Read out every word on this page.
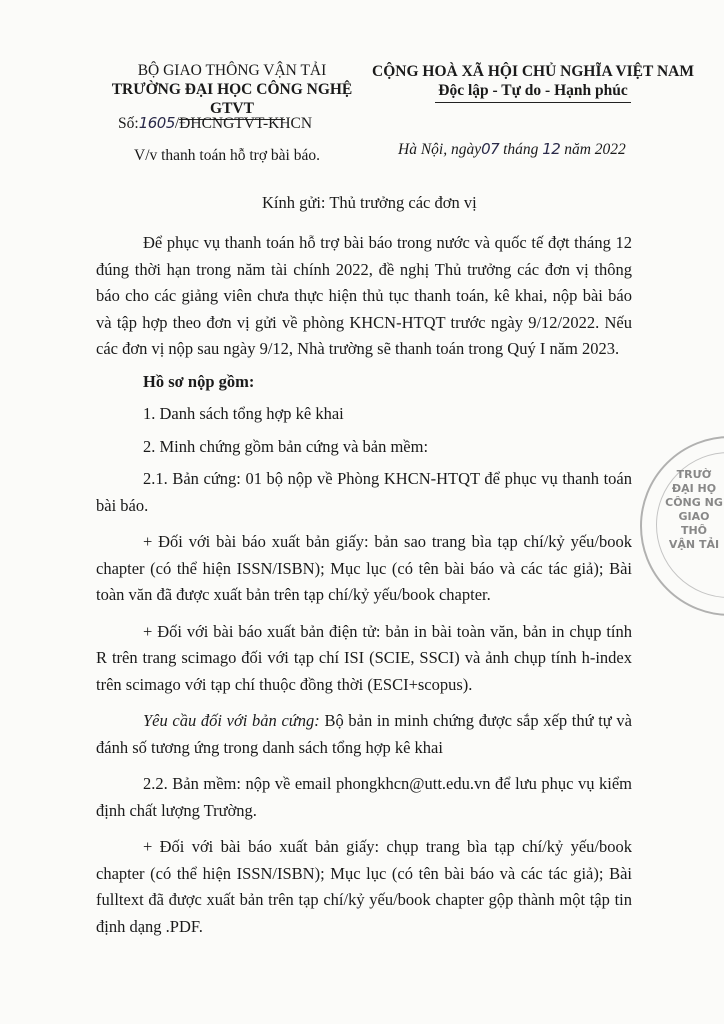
BỘ GIAO THÔNG VẬN TẢI
TRƯỜNG ĐẠI HỌC CÔNG NGHỆ GTVT
CỘNG HOÀ XÃ HỘI CHỦ NGHĨA VIỆT NAM
Độc lập - Tự do - Hạnh phúc
Số:1605/ĐHCNGTVT-KHCN
V/v thanh toán hỗ trợ bài báo.	Hà Nội, ngày07 tháng 12 năm 2022
Kính gửi: Thủ trưởng các đơn vị

Để phục vụ thanh toán hỗ trợ bài báo trong nước và quốc tế đợt tháng 12 đúng thời hạn trong năm tài chính 2022, đề nghị Thủ trưởng các đơn vị thông báo cho các giảng viên chưa thực hiện thủ tục thanh toán, kê khai, nộp bài báo và tập hợp theo đơn vị gửi về phòng KHCN-HTQT trước ngày 9/12/2022. Nếu các đơn vị nộp sau ngày 9/12, Nhà trường sẽ thanh toán trong Quý I năm 2023.

Hồ sơ nộp gồm:

1. Danh sách tổng hợp kê khai

2. Minh chứng gồm bản cứng và bản mềm:

2.1. Bản cứng: 01 bộ nộp về Phòng KHCN-HTQT để phục vụ thanh toán bài báo.

+ Đối với bài báo xuất bản giấy: bản sao trang bìa tạp chí/kỷ yếu/book chapter (có thể hiện ISSN/ISBN); Mục lục (có tên bài báo và các tác giả); Bài toàn văn đã được xuất bản trên tạp chí/kỷ yếu/book chapter.

+ Đối với bài báo xuất bản điện tử: bản in bài toàn văn, bản in chụp tính R trên trang scimago đối với tạp chí ISI (SCIE, SSCI) và ảnh chụp tính h-index trên scimago với tạp chí thuộc đồng thời (ESCI+scopus).

Yêu cầu đối với bản cứng: Bộ bản in minh chứng được sắp xếp thứ tự và đánh số tương ứng trong danh sách tổng hợp kê khai

2.2. Bản mềm: nộp về email phongkhcn@utt.edu.vn để lưu phục vụ kiểm định chất lượng Trường.

+ Đối với bài báo xuất bản giấy: chụp trang bìa tạp chí/kỷ yếu/book chapter (có thể hiện ISSN/ISBN); Mục lục (có tên bài báo và các tác giả); Bài fulltext đã được xuất bản trên tạp chí/kỷ yếu/book chapter gộp thành một tập tin định dạng .PDF.

TRƯỜ
ĐẠI HỌ
CÔNG NG
GIAO THÔ
VẬN TẢI
